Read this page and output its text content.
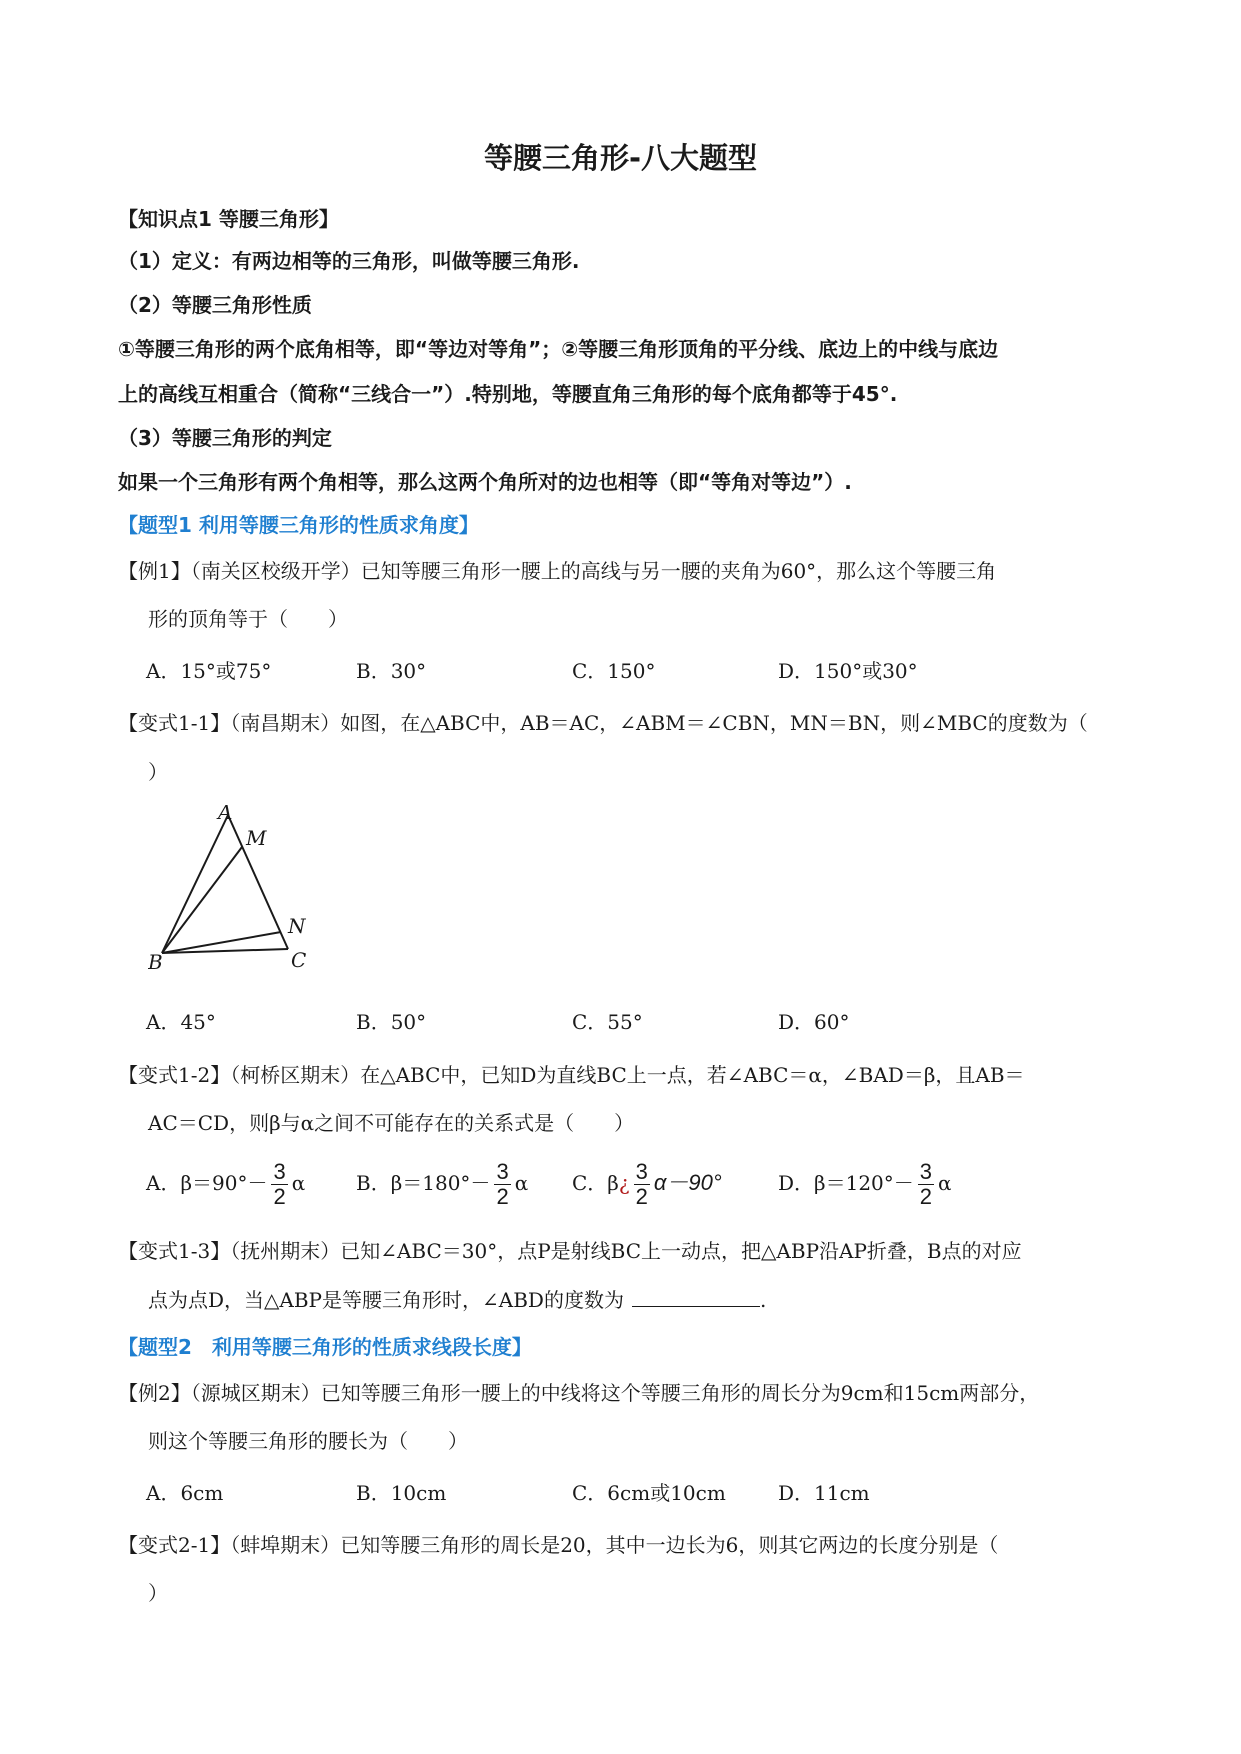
等腰三角形-八大题型
【知识点1 等腰三角形】
（1）定义：有两边相等的三角形，叫做等腰三角形.
（2）等腰三角形性质
①等腰三角形的两个底角相等，即“等边对等角”；②等腰三角形顶角的平分线、底边上的中线与底边
上的高线互相重合（简称“三线合一”）.特别地，等腰直角三角形的每个底角都等于45°.
（3）等腰三角形的判定
如果一个三角形有两个角相等，那么这两个角所对的边也相等（即“等角对等边”）.
【题型1 利用等腰三角形的性质求角度】
【例1】（南关区校级开学）已知等腰三角形一腰上的高线与另一腰的夹角为60°，那么这个等腰三角
形的顶角等于（　　）
A．15°或75°	B．30°	C．150°	D．150°或30°
【变式1-1】（南昌期末）如图，在△ABC中，AB＝AC，∠ABM＝∠CBN，MN＝BN，则∠MBC的度数为（
）
A
M
N
B	C
A．45°	B．50°	C．55°	D．60°
【变式1-2】（柯桥区期末）在△ABC中，已知D为直线BC上一点，若∠ABC＝α，∠BAD＝β，且AB＝
AC＝CD，则β与α之间不可能存在的关系式是（　　）
A．$\beta=90^\circ- \frac{3}{2}$ α	B．$\beta=180^\circ- \frac{3}{2}$ α C．β¿ $\frac{3}{2} \alpha-90^\circ$	D．$\beta=120^\circ- \frac{3}{2}$ α
【变式1-3】（抚州期末）已知∠ABC＝30°，点P是射线BC上一动点，把△ABP沿AP折叠，B点的对应
点为点D，当△ABP是等腰三角形时，∠ABD的度数为	.
【题型2　利用等腰三角形的性质求线段长度】
【例2】（源城区期末）已知等腰三角形一腰上的中线将这个等腰三角形的周长分为9cm和15cm两部分，
则这个等腰三角形的腰长为（　　）
A．6cm	B．10cm	C．6cm或10cm	D．11cm
【变式2-1】（蚌埠期末）已知等腰三角形的周长是20，其中一边长为6，则其它两边的长度分别是（
）
